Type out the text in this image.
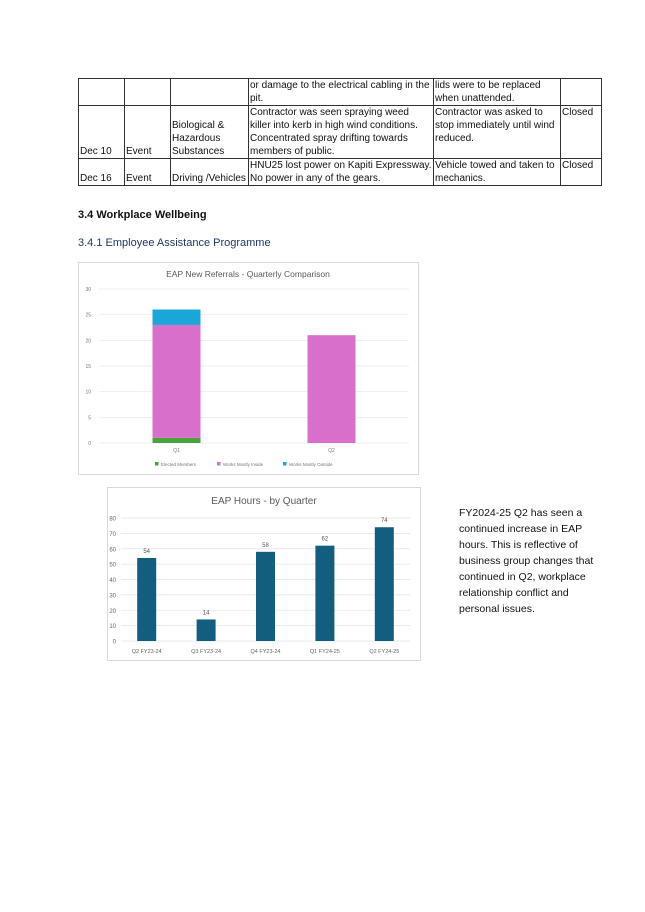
			or damage to the electrical cabling in the pit.	lids were to be replaced when unattended.	
Dec 10	Event	Biological & Hazardous Substances	Contractor was seen spraying weed killer into kerb in high wind conditions. Concentrated spray drifting towards members of public.	Contractor was asked to stop immediately until wind reduced.	Closed
Dec 16	Event	Driving /Vehicles	HNU25 lost power on Kapiti Expressway. No power in any of the gears.	Vehicle towed and taken to mechanics.	Closed
3.4 Workplace Wellbeing
3.4.1 Employee Assistance Programme
EAP New Referrals - Quarterly Comparison
0
5
10
15
20
25
30
Q1	Q2
Elected Members	Works Mostly Inside	Works Mostly Outside
EAP Hours - by Quarter
0
10
20
30
40
50
60
70
80
54
Q2 FY23-24
14
Q3 FY23-24
58
Q4 FY23-24
62
Q1 FY24-25
74
Q2 FY24-25

FY2024-25 Q2 has seen a continued increase in EAP hours. This is reflective of business group changes that continued in Q2, workplace relationship conflict and personal issues.
